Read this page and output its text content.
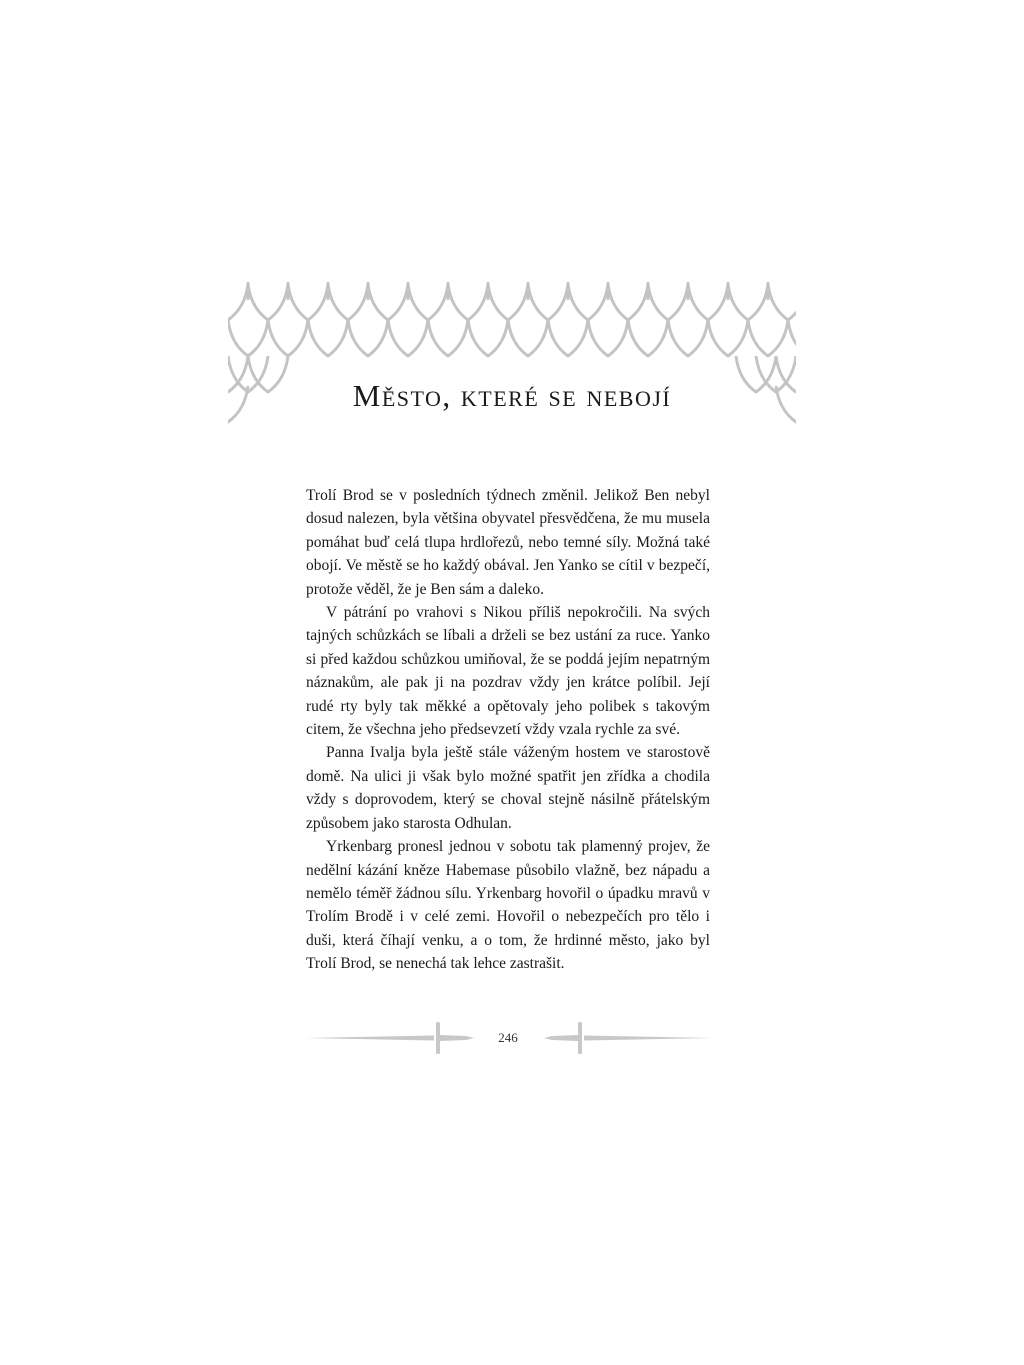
Město, které se nebojí

Trolí Brod se v posledních týdnech změnil. Jelikož Ben nebyl dosud nalezen, byla většina obyvatel přesvědčena, že mu musela pomáhat buď celá tlupa hrdlořezů, nebo temné síly. Možná také obojí. Ve městě se ho každý obával. Jen Yanko se cítil v bezpečí, protože věděl, že je Ben sám a daleko.

V pátrání po vrahovi s Nikou příliš nepokročili. Na svých tajných schůzkách se líbali a drželi se bez ustání za ruce. Yanko si před každou schůzkou umiňoval, že se poddá jejím nepatrným náznakům, ale pak ji na pozdrav vždy jen krátce políbil. Její rudé rty byly tak měkké a opětovaly jeho polibek s takovým citem, že všechna jeho předsevzetí vždy vzala rychle za své.

Panna Ivalja byla ještě stále váženým hostem ve starostově domě. Na ulici ji však bylo možné spatřit jen zřídka a chodila vždy s doprovodem, který se choval stejně násilně přátelským způsobem jako starosta Odhulan.

Yrkenbarg pronesl jednou v sobotu tak plamenný projev, že nedělní kázání kněze Habemase působilo vlažně, bez nápadu a nemělo téměř žádnou sílu. Yrkenbarg hovořil o úpadku mravů v Trolím Brodě i v celé zemi. Hovořil o nebezpečích pro tělo i duši, která číhají venku, a o tom, že hrdinné město, jako byl Trolí Brod, se nenechá tak lehce zastrašit.

246
